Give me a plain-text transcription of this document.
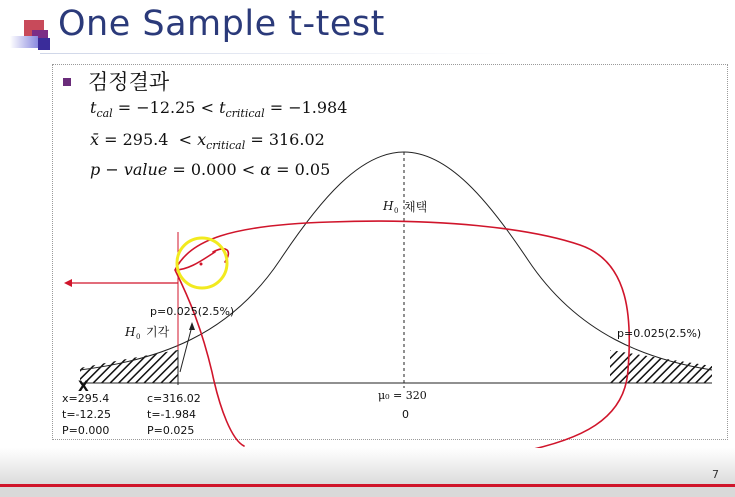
One Sample t-test
검정결과
$t_{cal} = -12.25 < t_{critical} = -1.984$
x̄ = $295.4 < x_{critical} = 316.02$
p − value = 0.000 < α = 0.05
H 0 채택
p=0.025(2.5%)
H 0 기각	p=0.025(2.5%)
X
μ₀ = 320
0
x=295.4
t=-12.25
P=0.000
c=316.02
t=-1.984
P=0.025
7
